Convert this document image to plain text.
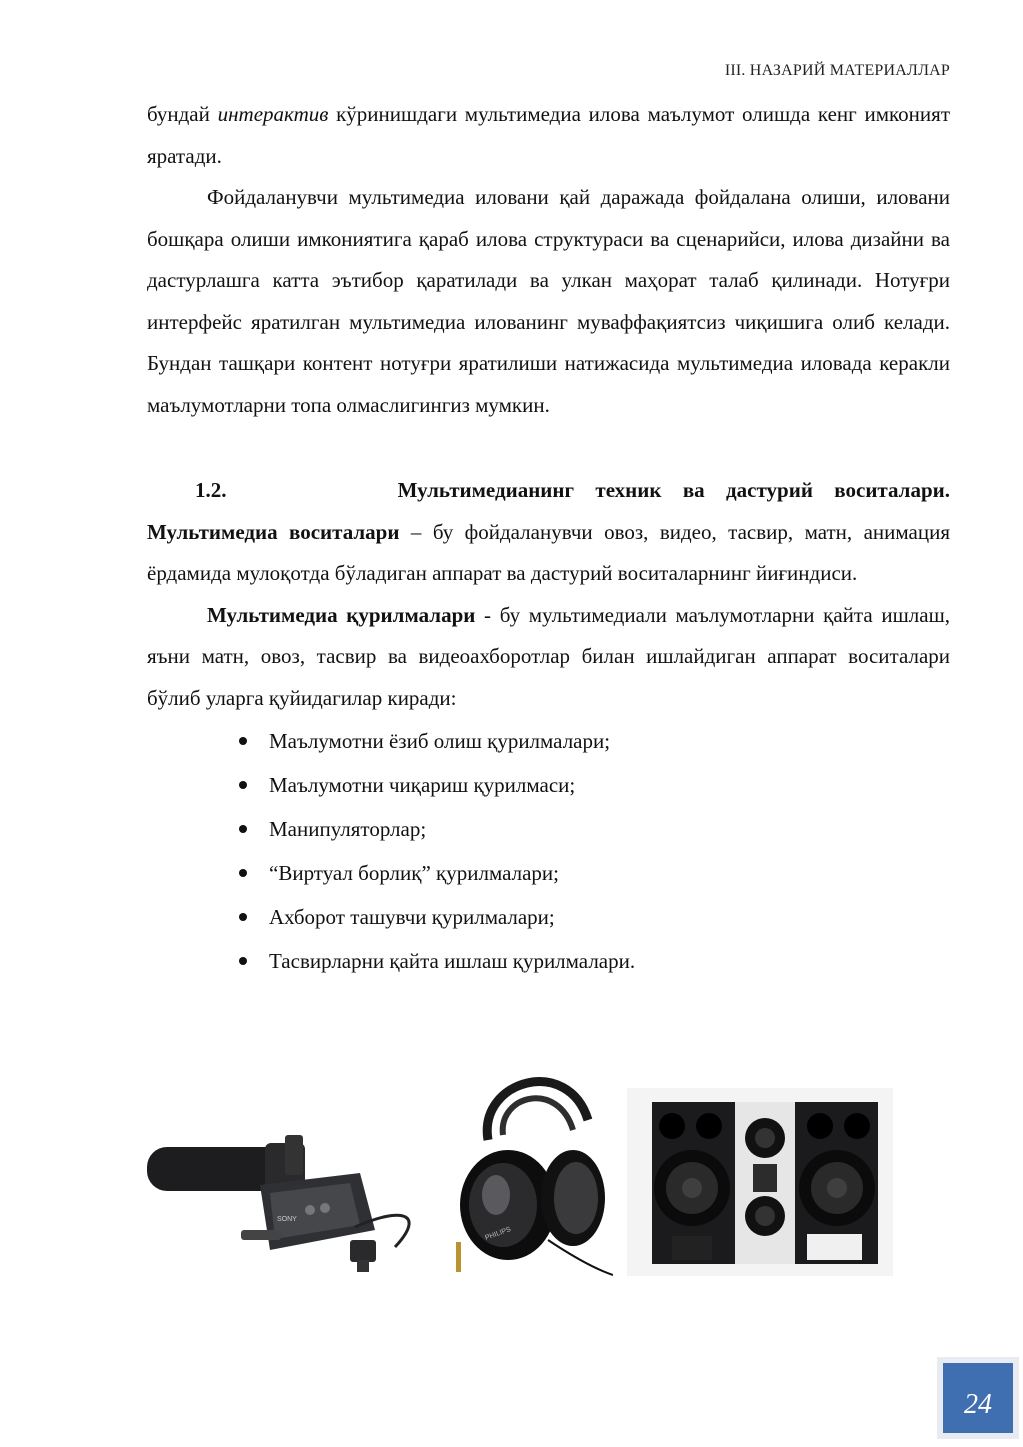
III. НАЗАРИЙ МАТЕРИАЛЛАР

бундай интерактив кўринишдаги мультимедиа илова маълумот олишда кенг имконият яратади.

Фойдаланувчи мультимедиа иловани қай даражада фойдалана олиши, иловани бошқара олиши имкониятига қараб илова структураси ва сценарийси, илова дизайни ва дастурлашга катта эътибор қаратилади ва улкан маҳорат талаб қилинади. Нотуғри интерфейс яратилган мультимедиа илованинг муваффақиятсиз чиқишига олиб келади. Бундан ташқари контент нотуғри яратилиши натижасида мультимедиа иловада керакли маълумотларни топа олмаслигингиз мумкин.

1.2.	Мультимедианинг техник ва дастурий воситалари.

Мультимедиа воситалари – бу фойдаланувчи овоз, видео, тасвир, матн, анимация ёрдамида мулоқотда бўладиган аппарат ва дастурий воситаларнинг йиғиндиси.

Мультимедиа қурилмалари - бу мультимедиали маълумотларни қайта ишлаш, яъни матн, овоз, тасвир ва видеоахборотлар билан ишлайдиган аппарат воситалари бўлиб уларга қуйидагилар киради:

Маълумотни ёзиб олиш қурилмалари;
Маълумотни чиқариш қурилмаси;
Манипуляторлар;
“Виртуал борлиқ” қурилмалари;
Ахборот ташувчи қурилмалари;
Тасвирларни қайта ишлаш қурилмалари.
SONY
PHILIPS
24
